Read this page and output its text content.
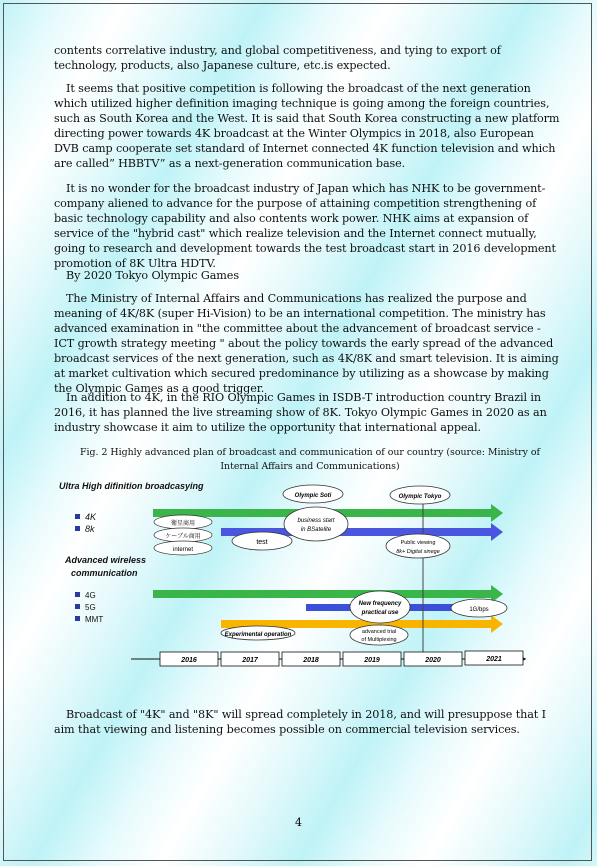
contents correlative industry, and global competitiveness, and tying to export of technology, products, also Japanese culture, etc.is expected.

It seems that positive competition is following the broadcast of the next generation which utilized higher definition imaging technique is going among the foreign countries, such as South Korea and the West. It is said that South Korea constructing a new platform directing power towards 4K broadcast at the Winter Olympics in 2018, also European DVB camp cooperate set standard of Internet connected 4K function television and which are called” HBBTV” as a next-generation communication base.

It is no wonder for the broadcast industry of Japan which has NHK to be government-company aliened to advance for the purpose of attaining competition strengthening of basic technology capability and also contents work power. NHK aims at expansion of service of the "hybrid cast" which realize television and the Internet connect mutually, going to research and development towards the test broadcast start in 2016 development promotion of 8K Ultra HDTV.

By 2020 Tokyo Olympic Games

The Ministry of Internal Affairs and Communications has realized the purpose and meaning of 4K/8K (super Hi-Vision) to be an international competition. The ministry has advanced examination in "the committee about the advancement of broadcast service -ICT growth strategy meeting " about the policy towards the early spread of the advanced broadcast services of the next generation, such as 4K/8K and smart television. It is aiming at market cultivation which secured predominance by utilizing as a showcase by making the Olympic Games as a good trigger.

In addition to 4K, in the RIO Olympic Games in ISDB-T introduction country Brazil in 2016, it has planned the live streaming show of 8K. Tokyo Olympic Games in 2020 as an industry showcase it aim to utilize the opportunity that international appeal.

Fig. 2 Highly advanced plan of broadcast and communication of our country (source: Ministry of Internal Affairs and Communications)
Ultra High difinition broadcasying
Advanced wireless
communication
4K
8k
4G
5G
MMT
Olympic Soti	Olympic Tokyo
衛星商用
ケーブル商用
internet
test
business start
in BSatelite
Public viewing
8k+ Digital sinege
New frequency
practical use	1G/bps
Experimental operation	advanced trial
of Multiplexing
2016	2017	2018	2019	2020	2021

Broadcast of "4K" and "8K" will spread completely in 2018, and will presuppose that I aim that viewing and listening becomes possible on commercial television services.

4
